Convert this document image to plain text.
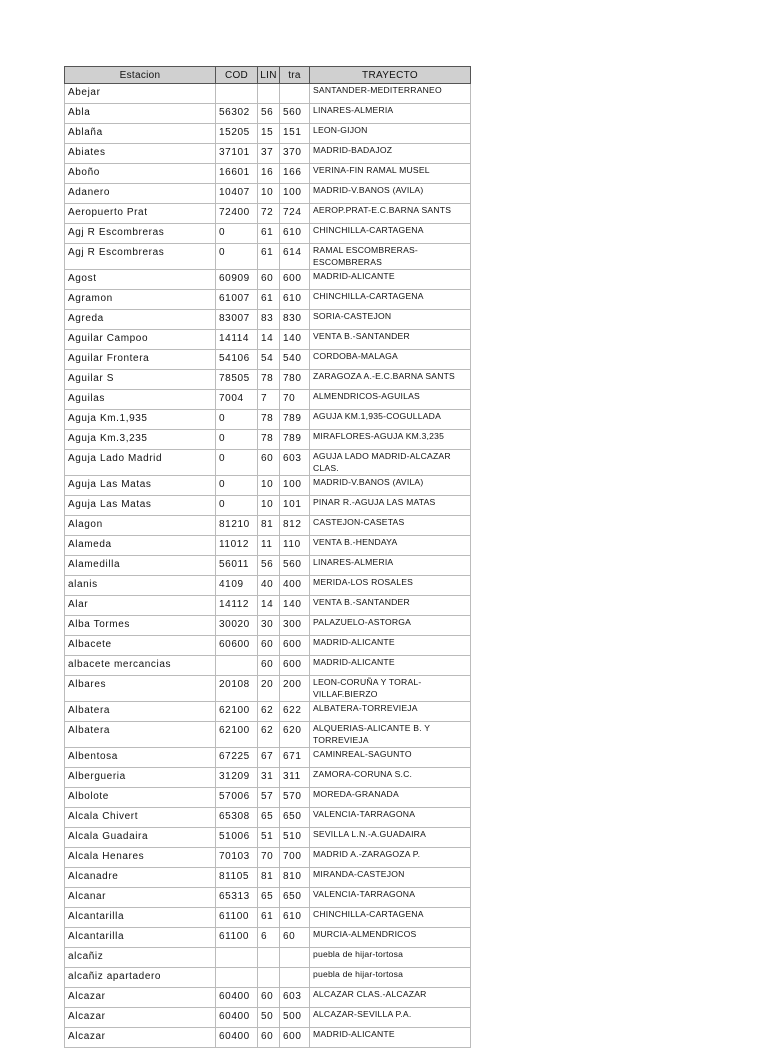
Estacion	COD	LIN	tra	TRAYECTO
Abejar				SANTANDER-MEDITERRANEO
Abla	56302	56	560	LINARES-ALMERIA
Ablaña	15205	15	151	LEON-GIJON
Abiates	37101	37	370	MADRID-BADAJOZ
Aboño	16601	16	166	VERINA-FIN RAMAL MUSEL
Adanero	10407	10	100	MADRID-V.BANOS (AVILA)
Aeropuerto Prat	72400	72	724	AEROP.PRAT-E.C.BARNA SANTS
Agj R Escombreras	0	61	610	CHINCHILLA-CARTAGENA
Agj R Escombreras	0	61	614	RAMAL ESCOMBRERAS-ESCOMBRERAS
Agost	60909	60	600	MADRID-ALICANTE
Agramon	61007	61	610	CHINCHILLA-CARTAGENA
Agreda	83007	83	830	SORIA-CASTEJON
Aguilar Campoo	14114	14	140	VENTA B.-SANTANDER
Aguilar Frontera	54106	54	540	CORDOBA-MALAGA
Aguilar S	78505	78	780	ZARAGOZA A.-E.C.BARNA SANTS
Aguilas	7004	7	70	ALMENDRICOS-AGUILAS
Aguja Km.1,935	0	78	789	AGUJA KM.1,935-COGULLADA
Aguja Km.3,235	0	78	789	MIRAFLORES-AGUJA KM.3,235
Aguja Lado Madrid	0	60	603	AGUJA LADO MADRID-ALCAZAR CLAS.
Aguja Las Matas	0	10	100	MADRID-V.BANOS (AVILA)
Aguja Las Matas	0	10	101	PINAR R.-AGUJA LAS MATAS
Alagon	81210	81	812	CASTEJON-CASETAS
Alameda	11012	11	110	VENTA B.-HENDAYA
Alamedilla	56011	56	560	LINARES-ALMERIA
alanis	4109	40	400	MERIDA-LOS ROSALES
Alar	14112	14	140	VENTA B.-SANTANDER
Alba Tormes	30020	30	300	PALAZUELO-ASTORGA
Albacete	60600	60	600	MADRID-ALICANTE
albacete mercancias		60	600	MADRID-ALICANTE
Albares	20108	20	200	LEON-CORUÑA Y TORAL-VILLAF.BIERZO
Albatera	62100	62	622	ALBATERA-TORREVIEJA
Albatera	62100	62	620	ALQUERIAS-ALICANTE B. Y TORREVIEJA
Albentosa	67225	67	671	CAMINREAL-SAGUNTO
Albergueria	31209	31	311	ZAMORA-CORUNA S.C.
Albolote	57006	57	570	MOREDA-GRANADA
Alcala Chivert	65308	65	650	VALENCIA-TARRAGONA
Alcala Guadaira	51006	51	510	SEVILLA L.N.-A.GUADAIRA
Alcala Henares	70103	70	700	MADRID A.-ZARAGOZA P.
Alcanadre	81105	81	810	MIRANDA-CASTEJON
Alcanar	65313	65	650	VALENCIA-TARRAGONA
Alcantarilla	61100	61	610	CHINCHILLA-CARTAGENA
Alcantarilla	61100	6	60	MURCIA-ALMENDRICOS
alcañiz				puebla de hijar-tortosa
alcañiz apartadero				puebla de hijar-tortosa
Alcazar	60400	60	603	ALCAZAR CLAS.-ALCAZAR
Alcazar	60400	50	500	ALCAZAR-SEVILLA P.A.
Alcazar	60400	60	600	MADRID-ALICANTE
